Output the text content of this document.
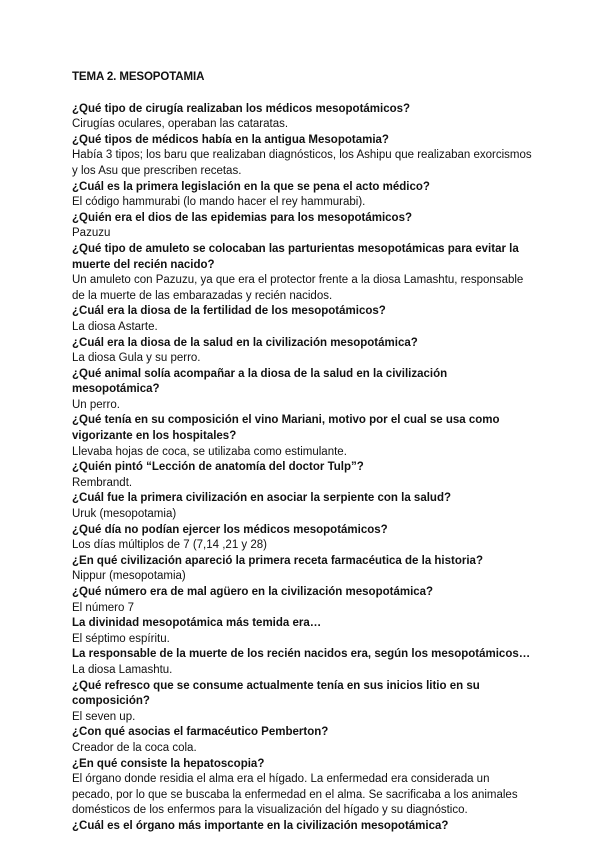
TEMA 2. MESOPOTAMIA

¿Qué tipo de cirugía realizaban los médicos mesopotámicos?

Cirugías oculares, operaban las cataratas.

¿Qué tipos de médicos había en la antigua Mesopotamia?

Había 3 tipos; los baru que realizaban diagnósticos, los Ashipu que realizaban exorcismos y los Asu que prescriben recetas.

¿Cuál es la primera legislación en la que se pena el acto médico?

El código hammurabi (lo mando hacer el rey hammurabi).

¿Quién era el dios de las epidemias para los mesopotámicos?

Pazuzu

¿Qué tipo de amuleto se colocaban las parturientas mesopotámicas para evitar la muerte del recién nacido?

Un amuleto con Pazuzu, ya que era el protector frente a la diosa Lamashtu, responsable de la muerte de las embarazadas y recién nacidos.

¿Cuál era la diosa de la fertilidad de los mesopotámicos?

La diosa Astarte.

¿Cuál era la diosa de la salud en la civilización mesopotámica?

La diosa Gula y su perro.

¿Qué animal solía acompañar a la diosa de la salud en la civilización mesopotámica?

Un perro.

¿Qué tenía en su composición el vino Mariani, motivo por el cual se usa como vigorizante en los hospitales?

Llevaba hojas de coca, se utilizaba como estimulante.

¿Quién pintó “Lección de anatomía del doctor Tulp”?

Rembrandt.

¿Cuál fue la primera civilización en asociar la serpiente con la salud?

Uruk (mesopotamia)

¿Qué día no podían ejercer los médicos mesopotámicos?

Los días múltiplos de 7 (7,14 ,21 y 28)

¿En qué civilización apareció la primera receta farmacéutica de la historia?

Nippur (mesopotamia)

¿Qué número era de mal agüero en la civilización mesopotámica?

El número 7

La divinidad mesopotámica más temida era…

El séptimo espíritu.

La responsable de la muerte de los recién nacidos era, según los mesopotámicos…

La diosa Lamashtu.

¿Qué refresco que se consume actualmente tenía en sus inicios litio en su composición?

El seven up.

¿Con qué asocias el farmacéutico Pemberton?

Creador de la coca cola.

¿En qué consiste la hepatoscopia?

El órgano donde residia el alma era el hígado. La enfermedad era considerada un pecado, por lo que se buscaba la enfermedad en el alma. Se sacrificaba a los animales domésticos de los enfermos para la visualización del hígado y su diagnóstico.

¿Cuál es el órgano más importante en la civilización mesopotámica?
